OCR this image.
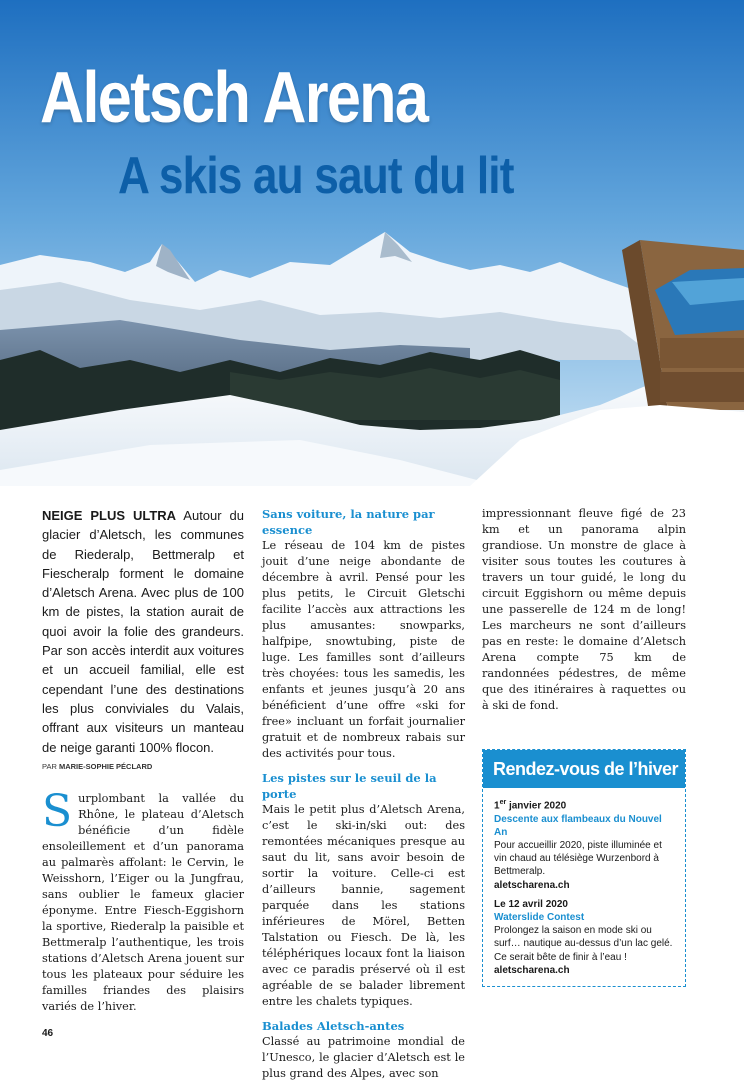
Aletsch Arena
A skis au saut du lit

NEIGE PLUS ULTRA Autour du glacier d’Aletsch, les communes de Riederalp, Bettmeralp et Fiescheralp forment le domaine d’Aletsch Arena. Avec plus de 100 km de pistes, la station aurait de quoi avoir la folie des grandeurs. Par son accès interdit aux voitures et un accueil familial, elle est cependant l’une des destinations les plus conviviales du Valais, offrant aux visiteurs un manteau de neige garanti 100% flocon.

PAR MARIE-SOPHIE PÉCLARD

Surplombant la vallée du Rhône, le plateau d’Aletsch bénéficie d’un fidèle ensoleillement et d’un panorama au palmarès affolant: le Cervin, le Weisshorn, l’Eiger ou la Jungfrau, sans oublier le fameux glacier éponyme. Entre Fiesch-Eggishorn la sportive, Riederalp la paisible et Bettmeralp l’authentique, les trois stations d’Aletsch Arena jouent sur tous les plateaux pour séduire les familles friandes des plaisirs variés de l’hiver.

Sans voiture, la nature par essence

Le réseau de 104 km de pistes jouit d’une neige abondante de décembre à avril. Pensé pour les plus petits, le Circuit Gletschi facilite l’accès aux attractions les plus amusantes: snowparks, halfpipe, snowtubing, piste de luge. Les familles sont d’ailleurs très choyées: tous les samedis, les enfants et jeunes jusqu’à 20 ans bénéficient d’une offre «ski for free» incluant un forfait journalier gratuit et de nombreux rabais sur des activités pour tous.

Les pistes sur le seuil de la porte

Mais le petit plus d’Aletsch Arena, c’est le ski-in/ski out: des remontées mécaniques presque au saut du lit, sans avoir besoin de sortir la voiture. Celle-ci est d’ailleurs bannie, sagement parquée dans les stations inférieures de Mörel, Betten Talstation ou Fiesch. De là, les téléphériques locaux font la liaison avec ce paradis préservé où il est agréable de se balader librement entre les chalets typiques.

Balades Aletsch-antes

Classé au patrimoine mondial de l’Unesco, le glacier d’Aletsch est le plus grand des Alpes, avec son

impressionnant fleuve figé de 23 km et un panorama alpin grandiose. Un monstre de glace à visiter sous toutes les coutures à travers un tour guidé, le long du circuit Eggishorn ou même depuis une passerelle de 124 m de long! Les marcheurs ne sont d’ailleurs pas en reste: le domaine d’Aletsch Arena compte 75 km de randonnées pédestres, de même que des itinéraires à raquettes ou à ski de fond.

Rendez-vous de l’hiver

1er janvier 2020

Descente aux flambeaux du Nouvel An

Pour accueillir 2020, piste illuminée et vin chaud au télésiège Wurzenbord à Bettmeralp.

aletscharena.ch

Le 12 avril 2020

Waterslide Contest

Prolongez la saison en mode ski ou surf… nautique au-dessus d’un lac gelé. Ce serait bête de finir à l’eau !

aletscharena.ch

46
